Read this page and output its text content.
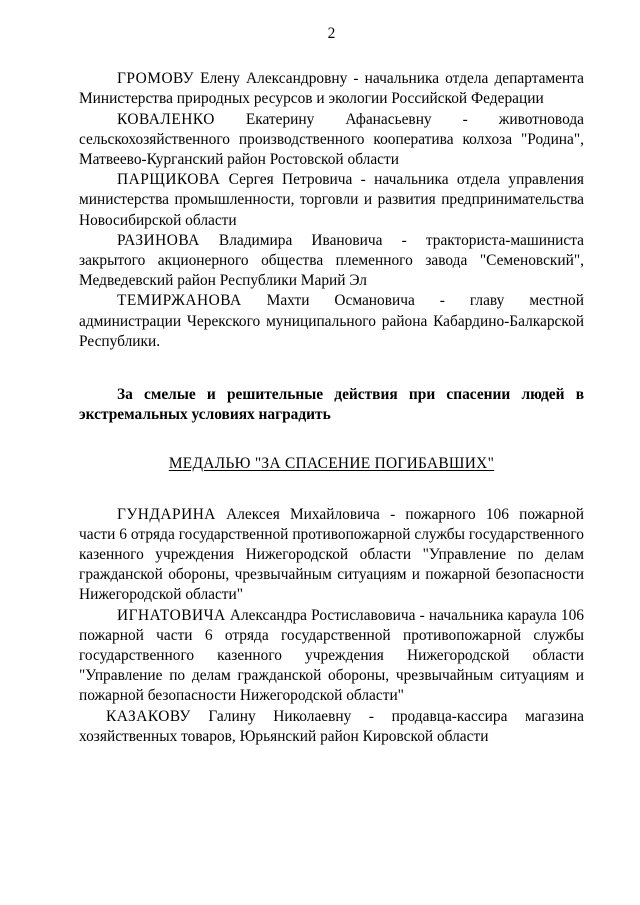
2

ГРОМОВУ Елену Александровну - начальника отдела департамента Министерства природных ресурсов и экологии Российской Федерации

КОВАЛЕНКО Екатерину Афанасьевну - животновода сельскохозяйственного производственного кооператива колхоза "Родина", Матвеево-Курганский район Ростовской области

ПАРЩИКОВА Сергея Петровича - начальника отдела управления министерства промышленности, торговли и развития предпринимательства Новосибирской области

РАЗИНОВА Владимира Ивановича - тракториста-машиниста закрытого акционерного общества племенного завода "Семеновский", Медведевский район Республики Марий Эл

ТЕМИРЖАНОВА Махти Османовича - главу местной администрации Черекского муниципального района Кабардино-Балкарской Республики.

За смелые и решительные действия при спасении людей в экстремальных условиях наградить

МЕДАЛЬЮ "ЗА СПАСЕНИЕ ПОГИБАВШИХ"

ГУНДАРИНА Алексея Михайловича - пожарного 106 пожарной части 6 отряда государственной противопожарной службы государственного казенного учреждения Нижегородской области "Управление по делам гражданской обороны, чрезвычайным ситуациям и пожарной безопасности Нижегородской области"

ИГНАТОВИЧА Александра Ростиславовича - начальника караула 106 пожарной части 6 отряда государственной противопожарной службы государственного казенного учреждения Нижегородской области "Управление по делам гражданской обороны, чрезвычайным ситуациям и пожарной безопасности Нижегородской области"

КАЗАКОВУ Галину Николаевну - продавца-кассира магазина хозяйственных товаров, Юрьянский район Кировской области
